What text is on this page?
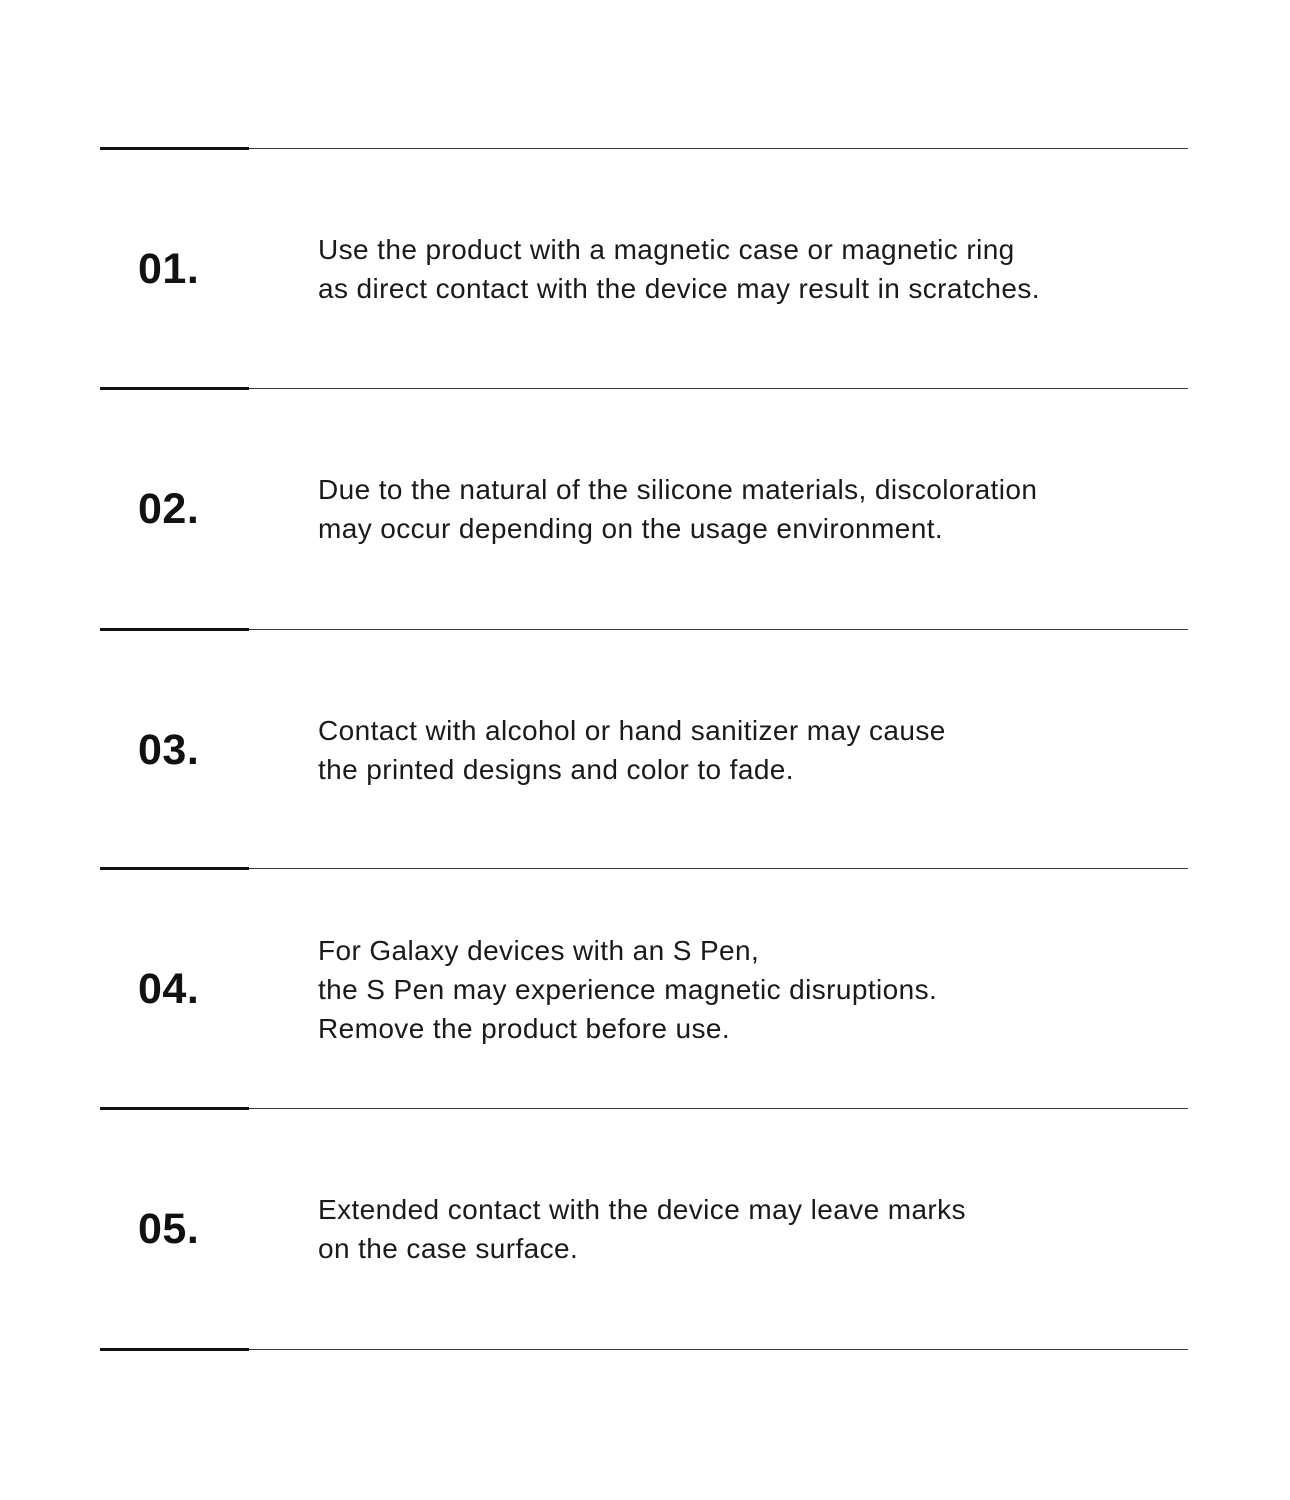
01.	Use the product with a magnetic case or magnetic ring
as direct contact with the device may result in scratches.
02.	Due to the natural of the silicone materials, discoloration
may occur depending on the usage environment.
03.	Contact with alcohol or hand sanitizer may cause
the printed designs and color to fade.
04.
For Galaxy devices with an S Pen,
the S Pen may experience magnetic disruptions.
Remove the product before use.
05.	Extended contact with the device may leave marks
on the case surface.
